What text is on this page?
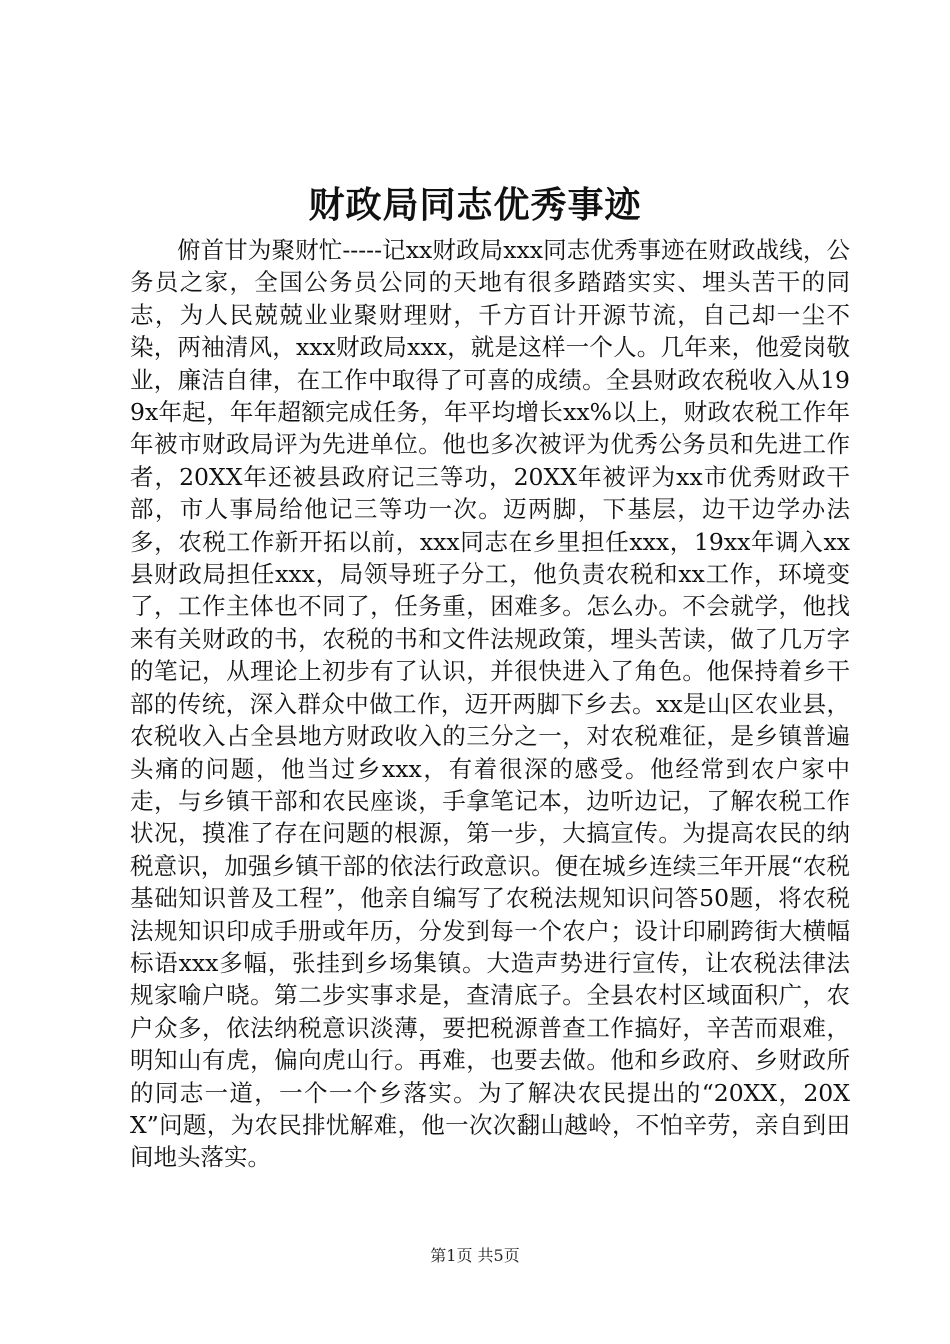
财政局同志优秀事迹

俯首甘为聚财忙-----记xx财政局xxx同志优秀事迹在财政战线，公务员之家，全国公务员公同的天地有很多踏踏实实、埋头苦干的同志，为人民兢兢业业聚财理财，千方百计开源节流，自己却一尘不染，两袖清风，xxx财政局xxx，就是这样一个人。几年来，他爱岗敬业，廉洁自律，在工作中取得了可喜的成绩。全县财政农税收入从199x年起，年年超额完成任务，年平均增长xx%以上，财政农税工作年年被市财政局评为先进单位。他也多次被评为优秀公务员和先进工作者，20XX年还被县政府记三等功，20XX年被评为xx市优秀财政干部，市人事局给他记三等功一次。迈两脚，下基层，边干边学办法多，农税工作新开拓以前，xxx同志在乡里担任xxx，19xx年调入xx县财政局担任xxx，局领导班子分工，他负责农税和xx工作，环境变了，工作主体也不同了，任务重，困难多。怎么办。不会就学，他找来有关财政的书，农税的书和文件法规政策，埋头苦读，做了几万字的笔记，从理论上初步有了认识，并很快进入了角色。他保持着乡干部的传统，深入群众中做工作，迈开两脚下乡去。xx是山区农业县，农税收入占全县地方财政收入的三分之一，对农税难征，是乡镇普遍头痛的问题，他当过乡xxx，有着很深的感受。他经常到农户家中走，与乡镇干部和农民座谈，手拿笔记本，边听边记，了解农税工作状况，摸准了存在问题的根源，第一步，大搞宣传。为提高农民的纳税意识，加强乡镇干部的依法行政意识。便在城乡连续三年开展“农税基础知识普及工程”，他亲自编写了农税法规知识问答50题，将农税法规知识印成手册或年历，分发到每一个农户；设计印刷跨街大横幅标语xxx多幅，张挂到乡场集镇。大造声势进行宣传，让农税法律法规家喻户晓。第二步实事求是，查清底子。全县农村区域面积广，农户众多，依法纳税意识淡薄，要把税源普查工作搞好，辛苦而艰难，明知山有虎，偏向虎山行。再难，也要去做。他和乡政府、乡财政所的同志一道，一个一个乡落实。为了解决农民提出的“20XX，20XX”问题，为农民排忧解难，他一次次翻山越岭，不怕辛劳，亲自到田间地头落实。

第1页 共5页
